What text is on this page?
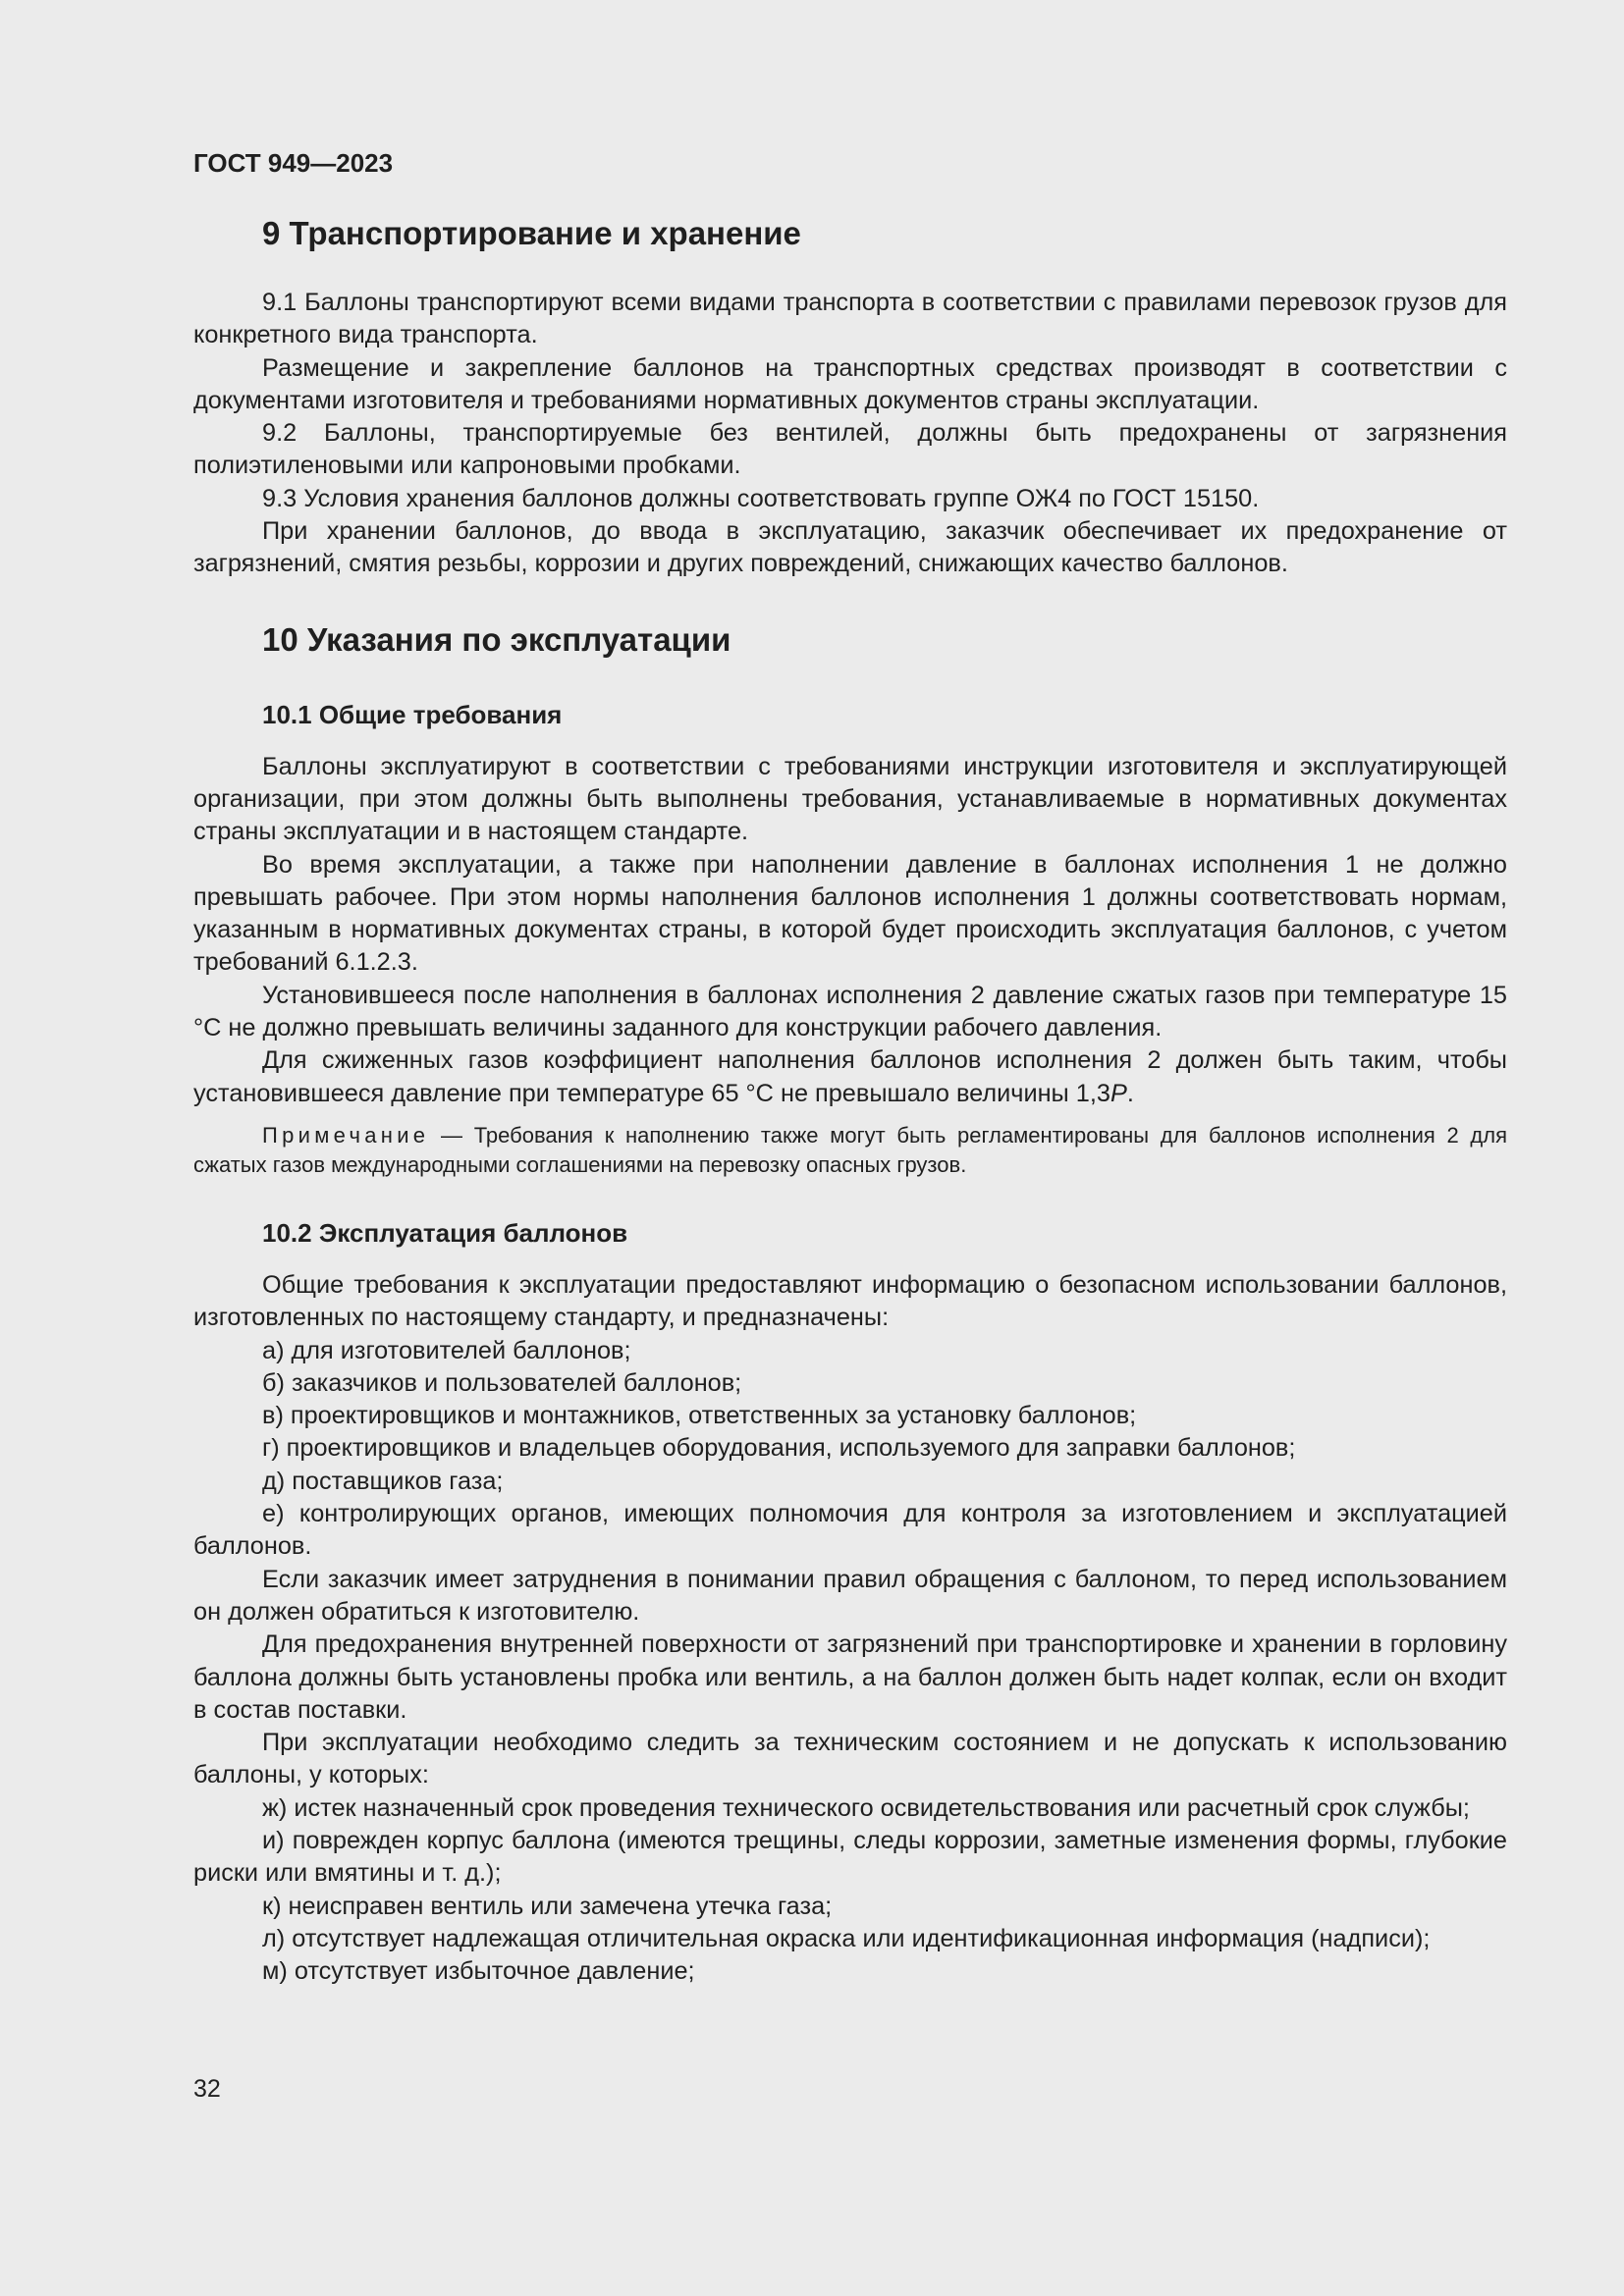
ГОСТ 949—2023
9 Транспортирование и хранение

9.1 Баллоны транспортируют всеми видами транспорта в соответствии с правилами перевозок грузов для конкретного вида транспорта.

Размещение и закрепление баллонов на транспортных средствах производят в соответствии с документами изготовителя и требованиями нормативных документов страны эксплуатации.

9.2 Баллоны, транспортируемые без вентилей, должны быть предохранены от загрязнения полиэтиленовыми или капроновыми пробками.

9.3 Условия хранения баллонов должны соответствовать группе ОЖ4 по ГОСТ 15150.

При хранении баллонов, до ввода в эксплуатацию, заказчик обеспечивает их предохранение от загрязнений, смятия резьбы, коррозии и других повреждений, снижающих качество баллонов.

10 Указания по эксплуатации
10.1 Общие требования

Баллоны эксплуатируют в соответствии с требованиями инструкции изготовителя и эксплуатирующей организации, при этом должны быть выполнены требования, устанавливаемые в нормативных документах страны эксплуатации и в настоящем стандарте.

Во время эксплуатации, а также при наполнении давление в баллонах исполнения 1 не должно превышать рабочее. При этом нормы наполнения баллонов исполнения 1 должны соответствовать нормам, указанным в нормативных документах страны, в которой будет происходить эксплуатация баллонов, с учетом требований 6.1.2.3.

Установившееся после наполнения в баллонах исполнения 2 давление сжатых газов при температуре 15 °С не должно превышать величины заданного для конструкции рабочего давления.

Для сжиженных газов коэффициент наполнения баллонов исполнения 2 должен быть таким, чтобы установившееся давление при температуре 65 °С не превышало величины 1,3P.

Примечание — Требования к наполнению также могут быть регламентированы для баллонов исполнения 2 для сжатых газов международными соглашениями на перевозку опасных грузов.
10.2 Эксплуатация баллонов

Общие требования к эксплуатации предоставляют информацию о безопасном использовании баллонов, изготовленных по настоящему стандарту, и предназначены:

а) для изготовителей баллонов;

б) заказчиков и пользователей баллонов;

в) проектировщиков и монтажников, ответственных за установку баллонов;

г) проектировщиков и владельцев оборудования, используемого для заправки баллонов;

д) поставщиков газа;

е) контролирующих органов, имеющих полномочия для контроля за изготовлением и эксплуатацией баллонов.

Если заказчик имеет затруднения в понимании правил обращения с баллоном, то перед использованием он должен обратиться к изготовителю.

Для предохранения внутренней поверхности от загрязнений при транспортировке и хранении в горловину баллона должны быть установлены пробка или вентиль, а на баллон должен быть надет колпак, если он входит в состав поставки.

При эксплуатации необходимо следить за техническим состоянием и не допускать к использованию баллоны, у которых:

ж) истек назначенный срок проведения технического освидетельствования или расчетный срок службы;

и) поврежден корпус баллона (имеются трещины, следы коррозии, заметные изменения формы, глубокие риски или вмятины и т. д.);

к) неисправен вентиль или замечена утечка газа;

л) отсутствует надлежащая отличительная окраска или идентификационная информация (надписи);

м) отсутствует избыточное давление;

32
